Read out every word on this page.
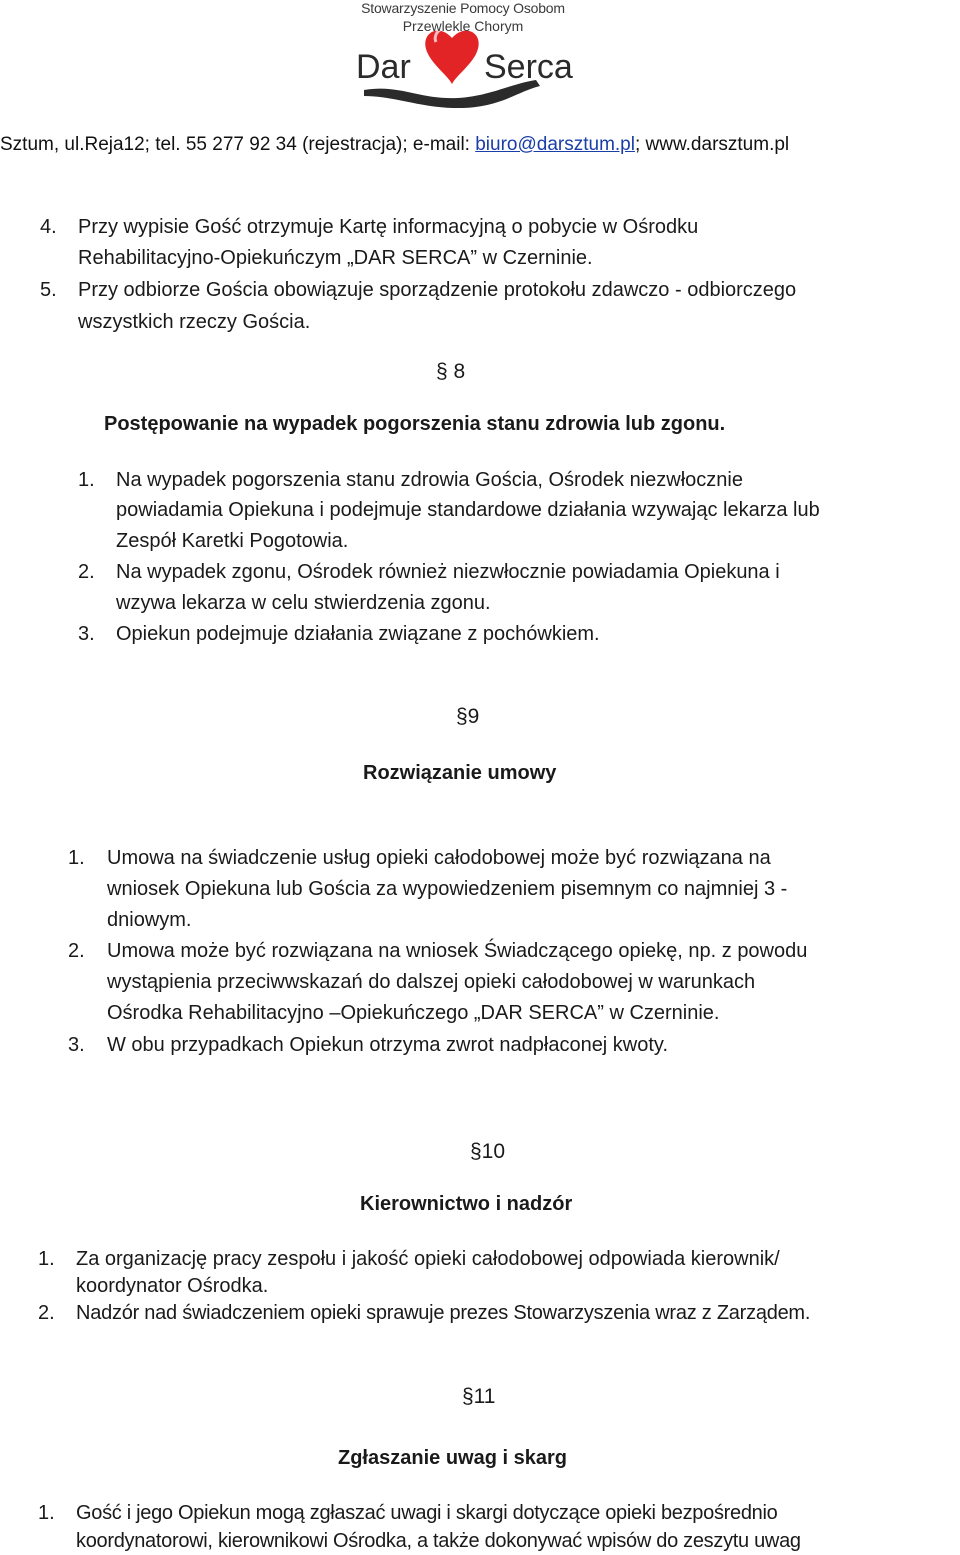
Stowarzyszenie Pomocy Osobom
Przewlekle Chorym
Dar Serca
Sztum, ul.Reja12; tel. 55 277 92 34 (rejestracja); e-mail: biuro@darsztum.pl; www.darsztum.pl
4. Przy wypisie Gość otrzymuje Kartę informacyjną o pobycie w Ośrodku
Rehabilitacyjno-Opiekuńczym „DAR SERCA” w Czerninie.
5. Przy odbiorze Gościa obowiązuje sporządzenie protokołu zdawczo - odbiorczego
wszystkich rzeczy Gościa.
§ 8
Postępowanie na wypadek pogorszenia stanu zdrowia lub zgonu.
1. Na wypadek pogorszenia stanu zdrowia Gościa, Ośrodek niezwłocznie
powiadamia Opiekuna i podejmuje standardowe działania wzywając lekarza lub
Zespół Karetki Pogotowia.
2. Na wypadek zgonu, Ośrodek również niezwłocznie powiadamia Opiekuna i
wzywa lekarza w celu stwierdzenia zgonu.
3. Opiekun podejmuje działania związane z pochówkiem.
§9
Rozwiązanie umowy
1. Umowa na świadczenie usług opieki całodobowej może być rozwiązana na
wniosek Opiekuna lub Gościa za wypowiedzeniem pisemnym co najmniej 3 -
dniowym.
2. Umowa może być rozwiązana na wniosek Świadczącego opiekę, np. z powodu
wystąpienia przeciwwskazań do dalszej opieki całodobowej w warunkach
Ośrodka Rehabilitacyjno –Opiekuńczego „DAR SERCA” w Czerninie.
3. W obu przypadkach Opiekun otrzyma zwrot nadpłaconej kwoty.
§10
Kierownictwo i nadzór
1. Za organizację pracy zespołu i jakość opieki całodobowej odpowiada kierownik/
koordynator Ośrodka.
2. Nadzór nad świadczeniem opieki sprawuje prezes Stowarzyszenia wraz z Zarządem.
§11
Zgłaszanie uwag i skarg
1. Gość i jego Opiekun mogą zgłaszać uwagi i skargi dotyczące opieki bezpośrednio
koordynatorowi, kierownikowi Ośrodka, a także dokonywać wpisów do zeszytu uwag
